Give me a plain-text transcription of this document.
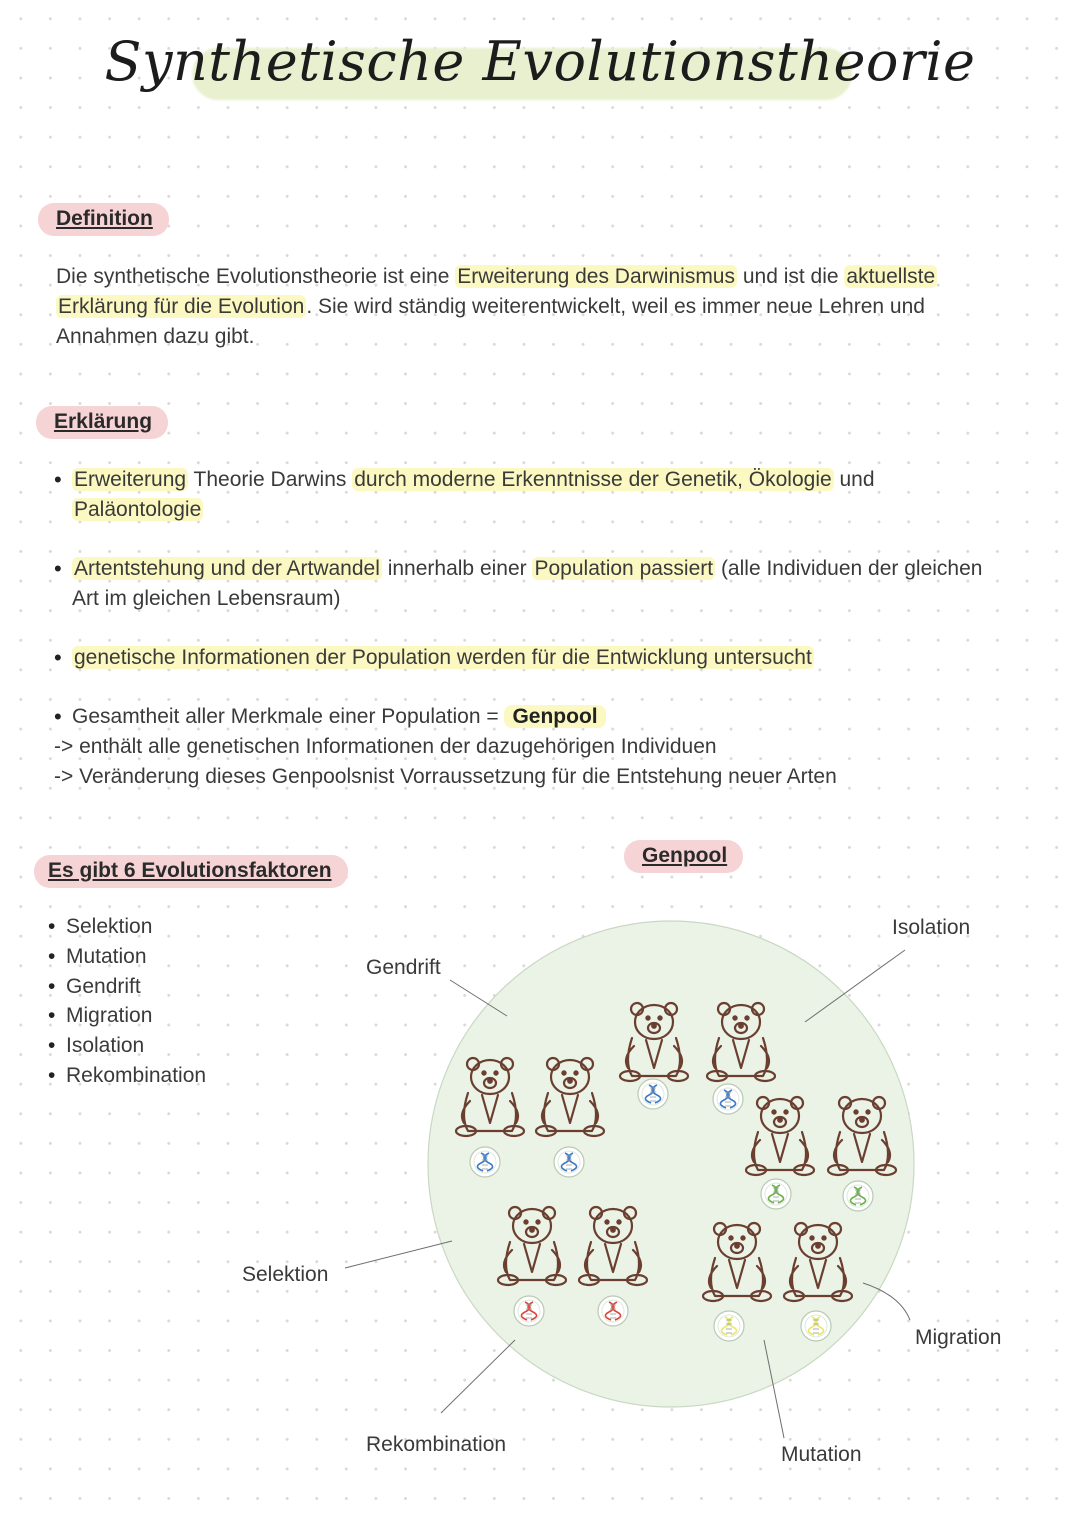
Synthetische Evolutionstheorie
Definition
Die synthetische Evolutionstheorie ist eine Erweiterung des Darwinismus und ist die aktuellste
Erklärung für die Evolution. Sie wird ständig weiterentwickelt, weil es immer neue Lehren und
Annahmen dazu gibt.
Erklärung
• Erweiterung Theorie Darwins durch moderne Erkenntnisse der Genetik, Ökologie und
Paläontologie
• Artentstehung und der Artwandel innerhalb einer Population passiert (alle Individuen der gleichen
Art im gleichen Lebensraum)
• genetische Informationen der Population werden für die Entwicklung untersucht
• Gesamtheit aller Merkmale einer Population = Genpool
-> enthält alle genetischen Informationen der dazugehörigen Individuen
-> Veränderung dieses Genpoolsnist Vorraussetzung für die Entstehung neuer Arten
Es gibt 6 Evolutionsfaktoren
• Selektion
• Mutation
• Gendrift
• Migration
• Isolation
• Rekombination
Genpool
Gendrift
Isolation
Selektion
Migration
Rekombination	Mutation
